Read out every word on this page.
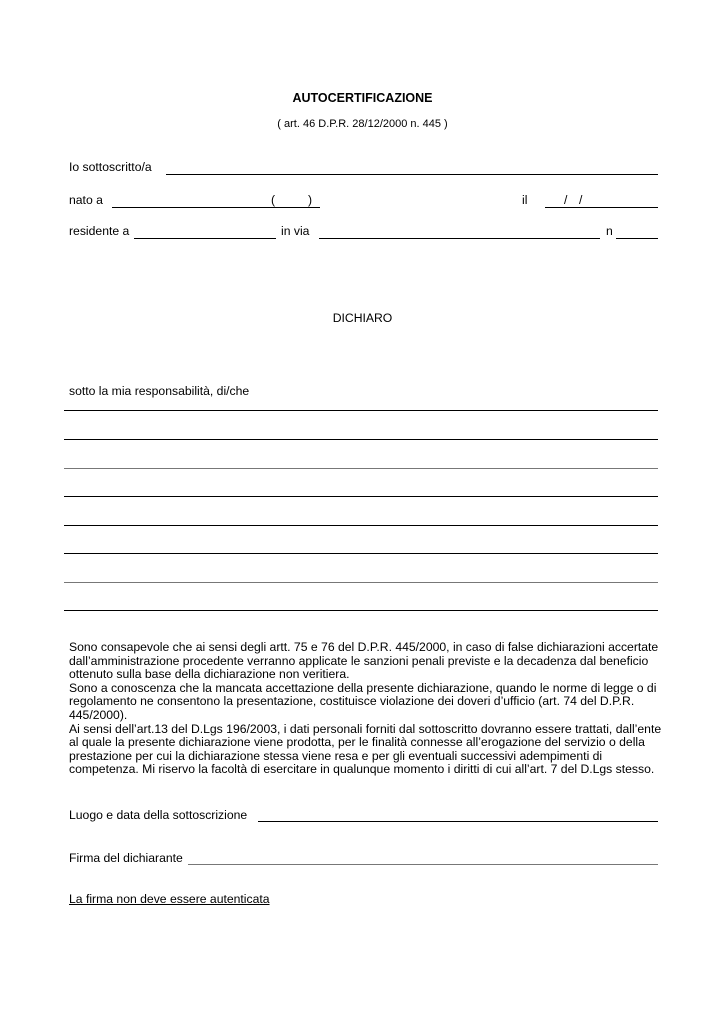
AUTOCERTIFICAZIONE
( art. 46 D.P.R. 28/12/2000 n. 445 )
Io sottoscritto/a
nato a	(	)	il	/ /
residente a	in via	n
DICHIARO
sotto la mia responsabilità, di/che

Sono consapevole che ai sensi degli artt. 75 e 76 del D.P.R. 445/2000, in caso di false dichiarazioni accertate dall’amministrazione procedente verranno applicate le sanzioni penali previste e la decadenza dal beneficio ottenuto sulla base della dichiarazione non veritiera.

Sono a conoscenza che la mancata accettazione della presente dichiarazione, quando le norme di legge o di regolamento ne consentono la presentazione, costituisce violazione dei doveri d’ufficio (art. 74 del D.P.R. 445/2000).

Ai sensi dell’art.13 del D.Lgs 196/2003, i dati personali forniti dal sottoscritto dovranno essere trattati, dall’ente al quale la presente dichiarazione viene prodotta, per le finalità connesse all’erogazione del servizio o della prestazione per cui la dichiarazione stessa viene resa e per gli eventuali successivi adempimenti di competenza. Mi riservo la facoltà di esercitare in qualunque momento i diritti di cui all’art. 7 del D.Lgs stesso.

Luogo e data della sottoscrizione
Firma del dichiarante
La firma non deve essere autenticata
